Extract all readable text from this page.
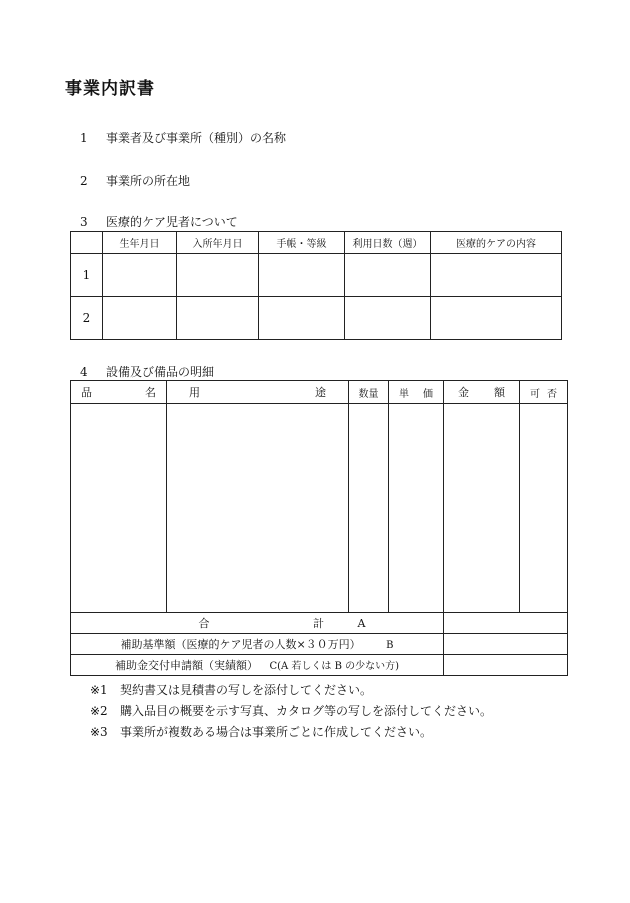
事業内訳書
1 事業者及び事業所（種別）の名称
2 事業所の所在地
3 医療的ケア児者について
	生年月日	入所年月日	手帳・等級	利用日数（週）	医療的ケアの内容
1					
2					
4 設備及び備品の明細
品 名	用 途	数量	単 価	金 額	可 否

合 計 A					
補助基準額（医療的ケア児者の人数×３０万円） B					
補助金交付申請額（実績額） C(A 若しくは B の少ない方)					
※1 契約書又は見積書の写しを添付してください。
※2 購入品目の概要を示す写真、カタログ等の写しを添付してください。
※3 事業所が複数ある場合は事業所ごとに作成してください。
